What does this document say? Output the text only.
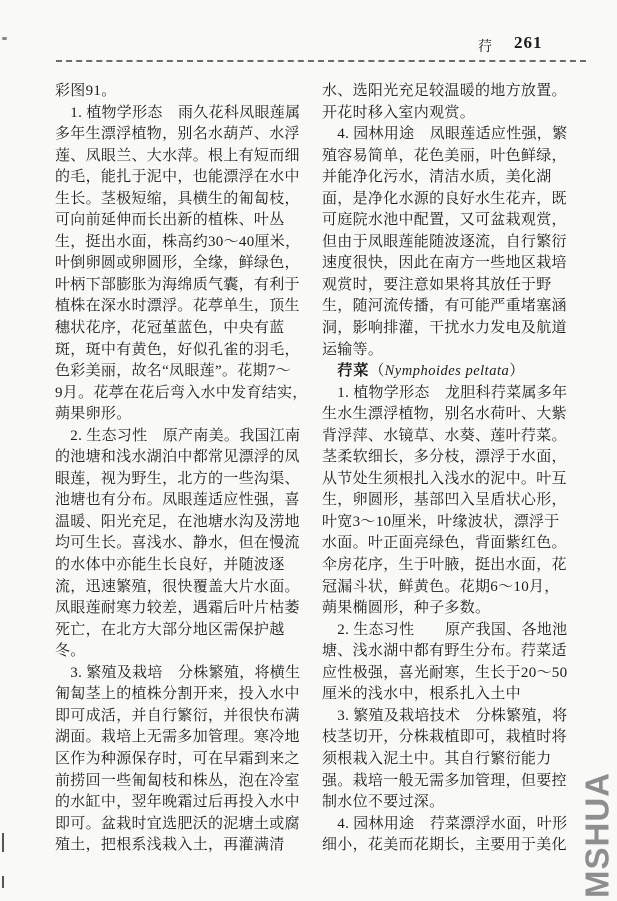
荇 261
彩图91。
　1. 植物学形态　雨久花科凤眼莲属
多年生漂浮植物，别名水葫芦、水浮
莲、凤眼兰、大水萍。根上有短而细
的毛，能扎于泥中，也能漂浮在水中
生长。茎极短缩，具横生的匍匐枝，
可向前延伸而长出新的植株、叶丛
生，挺出水面，株高约30～40厘米，
叶倒卵圆或卵圆形，全缘，鲜绿色，
叶柄下部膨胀为海绵质气囊，有利于
植株在深水时漂浮。花葶单生，顶生
穗状花序，花冠堇蓝色，中央有蓝
斑，斑中有黄色，好似孔雀的羽毛，
色彩美丽，故名“凤眼莲”。花期7～
9月。花葶在花后弯入水中发育结实，
蒴果卵形。
　2. 生态习性　原产南美。我国江南
的池塘和浅水湖泊中都常见漂浮的凤
眼莲，视为野生，北方的一些沟渠、
池塘也有分布。凤眼莲适应性强，喜
温暖、阳光充足，在池塘水沟及涝地
均可生长。喜浅水、静水，但在慢流
的水体中亦能生长良好，并随波逐
流，迅速繁殖，很快覆盖大片水面。
凤眼莲耐寒力较差，遇霜后叶片枯萎
死亡，在北方大部分地区需保护越
冬。
　3. 繁殖及栽培　分株繁殖，将横生
匍匐茎上的植株分割开来，投入水中
即可成活，并自行繁衍，并很快布满
湖面。栽培上无需多加管理。寒冷地
区作为种源保存时，可在早霜到来之
前捞回一些匍匐枝和株丛，泡在冷室
的水缸中，翌年晚霜过后再投入水中
即可。盆栽时宜选肥沃的泥塘土或腐
殖土，把根系浅栽入土，再灌满清
水、选阳光充足较温暖的地方放置。
开花时移入室内观赏。
　4. 园林用途　凤眼莲适应性强，繁
殖容易简单，花色美丽，叶色鲜绿，
并能净化污水，清洁水质，美化湖
面，是净化水源的良好水生花卉，既
可庭院水池中配置，又可盆栽观赏，
但由于凤眼莲能随波逐流，自行繁衍
速度很快，因此在南方一些地区栽培
观赏时，要注意如果将其放任于野
生，随河流传播，有可能严重堵塞涵
洞，影响排灌，干扰水力发电及航道
运输等。
　荇菜（Nymphoides peltata）
　1. 植物学形态　龙胆科荇菜属多年
生水生漂浮植物，别名水荷叶、大紫
背浮萍、水镜草、水葵、莲叶荇菜。
茎柔软细长，多分枝，漂浮于水面，
从节处生须根扎入浅水的泥中。叶互
生，卵圆形，基部凹入呈盾状心形，
叶宽3～10厘米，叶缘波状，漂浮于
水面。叶正面亮绿色，背面紫红色。
伞房花序，生于叶腋，挺出水面，花
冠漏斗状，鲜黄色。花期6～10月，
蒴果椭圆形，种子多数。
　2. 生态习性　　原产我国、各地池
塘、浅水湖中都有野生分布。荇菜适
应性极强，喜光耐寒，生长于20～50
厘米的浅水中，根系扎入土中
　3. 繁殖及栽培技术　分株繁殖，将
枝茎切开，分株栽植即可，栽植时将
须根栽入泥土中。其自行繁衍能力
强。栽培一般无需多加管理，但要控
制水位不要过深。
　4. 园林用途　荇菜漂浮水面，叶形
细小，花美而花期长，主要用于美化 MSHUA
